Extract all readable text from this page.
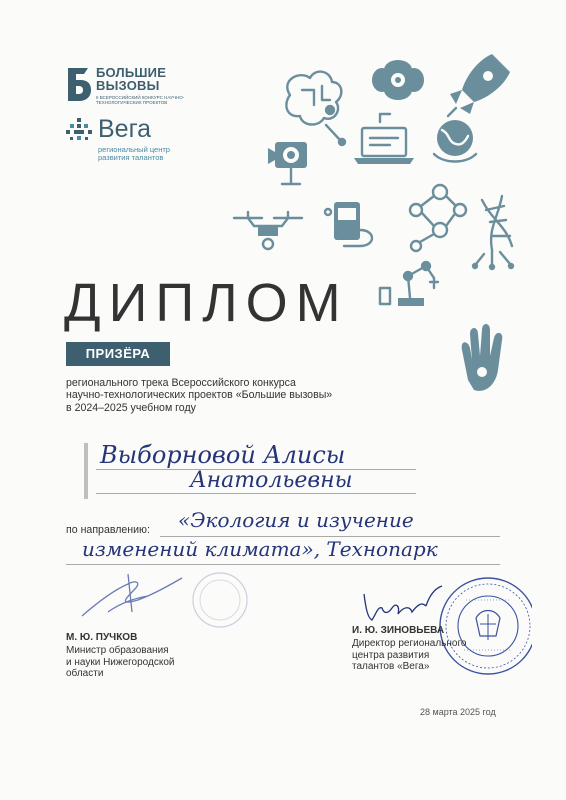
БОЛЬШИЕ
ВЫЗОВЫ
II ВСЕРОССИЙСКИЙ КОНКУРС НАУЧНО-ТЕХНОЛОГИЧЕСКИХ ПРОЕКТОВ
Вега
региональный центр
развития талантов
ДИПЛОМ
ПРИЗЁРА
регионального трека Всероссийского конкурса
научно-технологических проектов «Большие вызовы»
в 2024–2025 учебном году
Выборновой Алисы
Анатольевны
по направлению: «Экология и изучение
изменений климата», Технопарк
М. Ю. ПУЧКОВ
Министр образования
и науки Нижегородской
области
И. Ю. ЗИНОВЬЕВА
Директор регионального
центра развития
талантов «Вега»
28 марта 2025 год
